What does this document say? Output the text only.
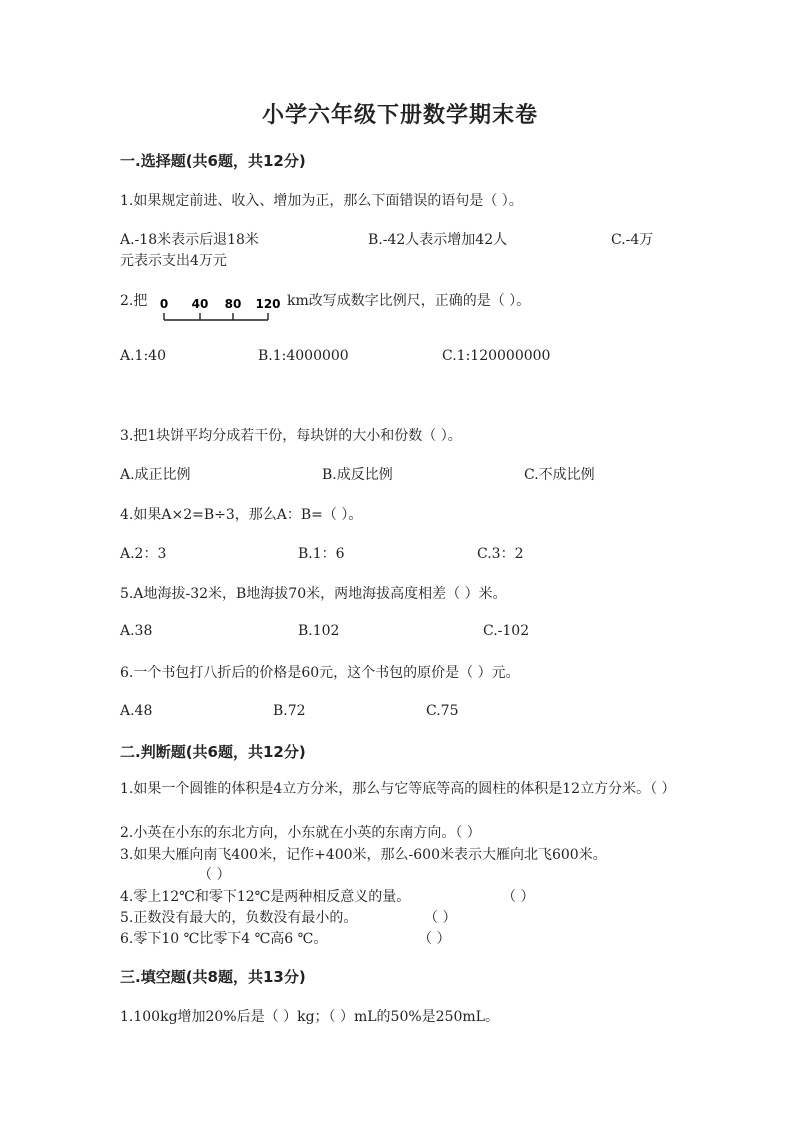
小学六年级下册数学期末卷
一.选择题(共6题，共12分)
1.如果规定前进、收入、增加为正，那么下面错误的语句是（ ）。
A.-18米表示后退18米	B.-42人表示增加42人	C.-4万
元表示支出4万元
2.把 0 40 80 120 km改写成数字比例尺，正确的是（ ）。
A.1:40	B.1:4000000	C.1:120000000
3.把1块饼平均分成若干份，每块饼的大小和份数（ ）。
A.成正比例	B.成反比例	C.不成比例
4.如果A×2=B÷3，那么A：B=（ ）。
A.2：3	B.1：6	C.3：2
5.A地海拔-32米，B地海拔70米，两地海拔高度相差（ ）米。
A.38	B.102	C.-102
6.一个书包打八折后的价格是60元，这个书包的原价是（ ）元。
A.48	B.72	C.75
二.判断题(共6题，共12分)
1.如果一个圆锥的体积是4立方分米，那么与它等底等高的圆柱的体积是12立方分米。（ ）
2.小英在小东的东北方向，小东就在小英的东南方向。（ ）
3.如果大雁向南飞400米，记作+400米，那么-600米表示大雁向北飞600米。
（ ）
4.零上12℃和零下12℃是两种相反意义的量。	（ ）
5.正数没有最大的，负数没有最小的。	（ ）
6.零下10 ℃比零下4 ℃高6 ℃。	（ ）
三.填空题(共8题，共13分)
1.100kg增加20%后是（ ）kg；（ ）mL的50%是250mL。
